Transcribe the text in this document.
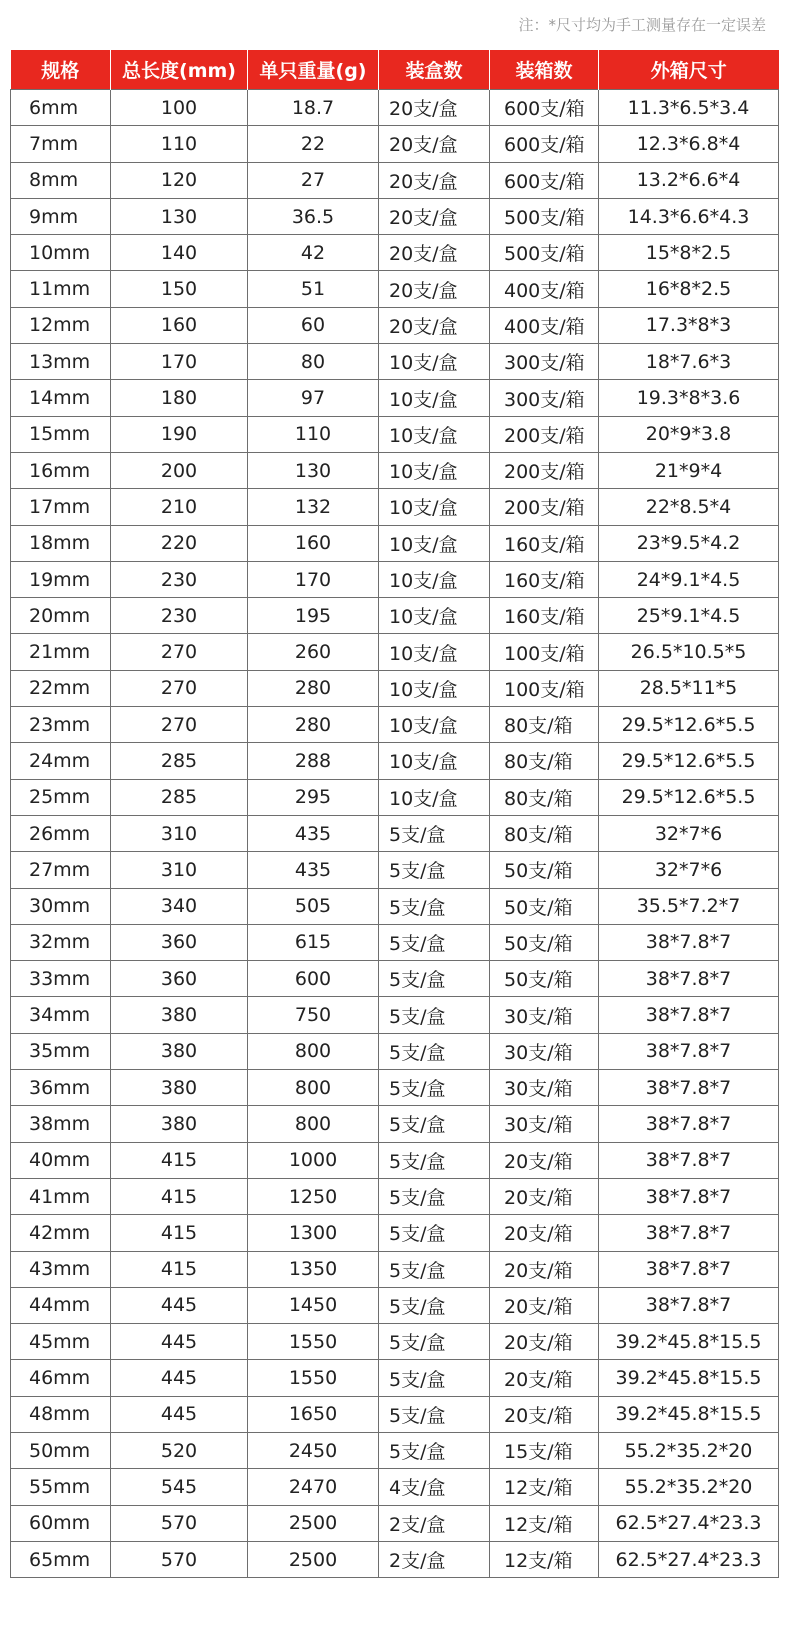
注：*尺寸均为手工测量存在一定误差
规格	总长度(mm)	单只重量(g)	装盒数	装箱数	外箱尺寸
6mm	100	18.7	20支/盒	600支/箱	11.3*6.5*3.4
7mm	110	22	20支/盒	600支/箱	12.3*6.8*4
8mm	120	27	20支/盒	600支/箱	13.2*6.6*4
9mm	130	36.5	20支/盒	500支/箱	14.3*6.6*4.3
10mm	140	42	20支/盒	500支/箱	15*8*2.5
11mm	150	51	20支/盒	400支/箱	16*8*2.5
12mm	160	60	20支/盒	400支/箱	17.3*8*3
13mm	170	80	10支/盒	300支/箱	18*7.6*3
14mm	180	97	10支/盒	300支/箱	19.3*8*3.6
15mm	190	110	10支/盒	200支/箱	20*9*3.8
16mm	200	130	10支/盒	200支/箱	21*9*4
17mm	210	132	10支/盒	200支/箱	22*8.5*4
18mm	220	160	10支/盒	160支/箱	23*9.5*4.2
19mm	230	170	10支/盒	160支/箱	24*9.1*4.5
20mm	230	195	10支/盒	160支/箱	25*9.1*4.5
21mm	270	260	10支/盒	100支/箱	26.5*10.5*5
22mm	270	280	10支/盒	100支/箱	28.5*11*5
23mm	270	280	10支/盒	80支/箱	29.5*12.6*5.5
24mm	285	288	10支/盒	80支/箱	29.5*12.6*5.5
25mm	285	295	10支/盒	80支/箱	29.5*12.6*5.5
26mm	310	435	5支/盒	80支/箱	32*7*6
27mm	310	435	5支/盒	50支/箱	32*7*6
30mm	340	505	5支/盒	50支/箱	35.5*7.2*7
32mm	360	615	5支/盒	50支/箱	38*7.8*7
33mm	360	600	5支/盒	50支/箱	38*7.8*7
34mm	380	750	5支/盒	30支/箱	38*7.8*7
35mm	380	800	5支/盒	30支/箱	38*7.8*7
36mm	380	800	5支/盒	30支/箱	38*7.8*7
38mm	380	800	5支/盒	30支/箱	38*7.8*7
40mm	415	1000	5支/盒	20支/箱	38*7.8*7
41mm	415	1250	5支/盒	20支/箱	38*7.8*7
42mm	415	1300	5支/盒	20支/箱	38*7.8*7
43mm	415	1350	5支/盒	20支/箱	38*7.8*7
44mm	445	1450	5支/盒	20支/箱	38*7.8*7
45mm	445	1550	5支/盒	20支/箱	39.2*45.8*15.5
46mm	445	1550	5支/盒	20支/箱	39.2*45.8*15.5
48mm	445	1650	5支/盒	20支/箱	39.2*45.8*15.5
50mm	520	2450	5支/盒	15支/箱	55.2*35.2*20
55mm	545	2470	4支/盒	12支/箱	55.2*35.2*20
60mm	570	2500	2支/盒	12支/箱	62.5*27.4*23.3
65mm	570	2500	2支/盒	12支/箱	62.5*27.4*23.3
